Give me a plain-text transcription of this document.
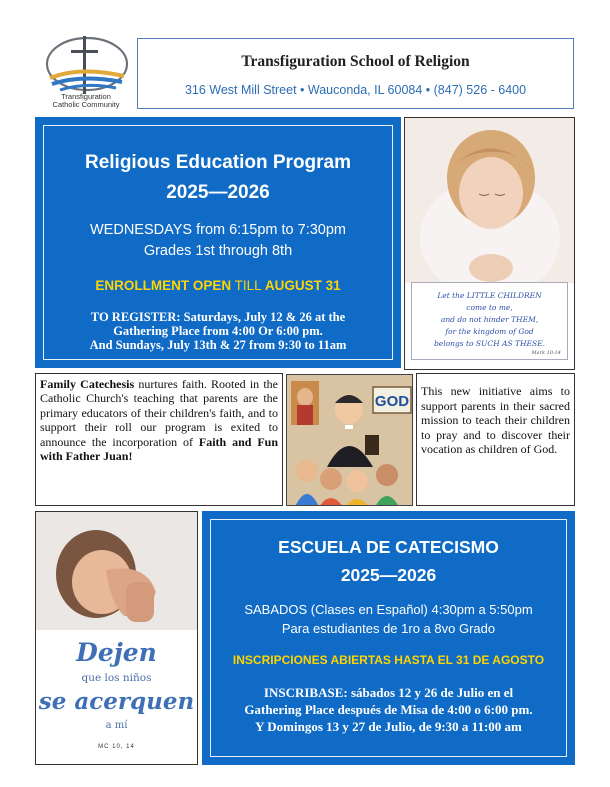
Transfiguration
Catholic Community
Transfiguration School of Religion
316 West Mill Street • Wauconda, IL 60084 • (847) 526 - 6400
Religious Education Program
2025—2026
WEDNESDAYS from 6:15pm to 7:30pm
Grades 1st through 8th
ENROLLMENT OPEN TILL AUGUST 31
TO REGISTER: Saturdays, July 12 & 26 at the
Gathering Place from 4:00 Or 6:00 pm.
And Sundays, July 13th & 27 from 9:30 to 11am
Let the LITTLE CHILDREN
come to me,
and do not hinder THEM,
for the kingdom of God
belongs to SUCH AS THESE.
Mark 10:14
Family Catechesis nurtures faith. Rooted in the Catholic Church's teaching that parents are the primary educators of their children's faith, and to support their roll our program is exited to announce the incorporation of Faith and Fun with Father Juan!
GOD
This new initiative aims to support parents in their sacred mission to teach their children to pray and to discover their vocation as children of God.
Dejen
que los niños
se acerquen
a mí
MC 10, 14
ESCUELA DE CATECISMO
2025—2026
SABADOS (Clases en Español) 4:30pm a 5:50pm
Para estudiantes de 1ro a 8vo Grado
INSCRIPCIONES ABIERTAS HASTA EL 31 DE AGOSTO
INSCRIBASE: sábados 12 y 26 de Julio en el
Gathering Place después de Misa de 4:00 o 6:00 pm.
Y Domingos 13 y 27 de Julio, de 9:30 a 11:00 am
